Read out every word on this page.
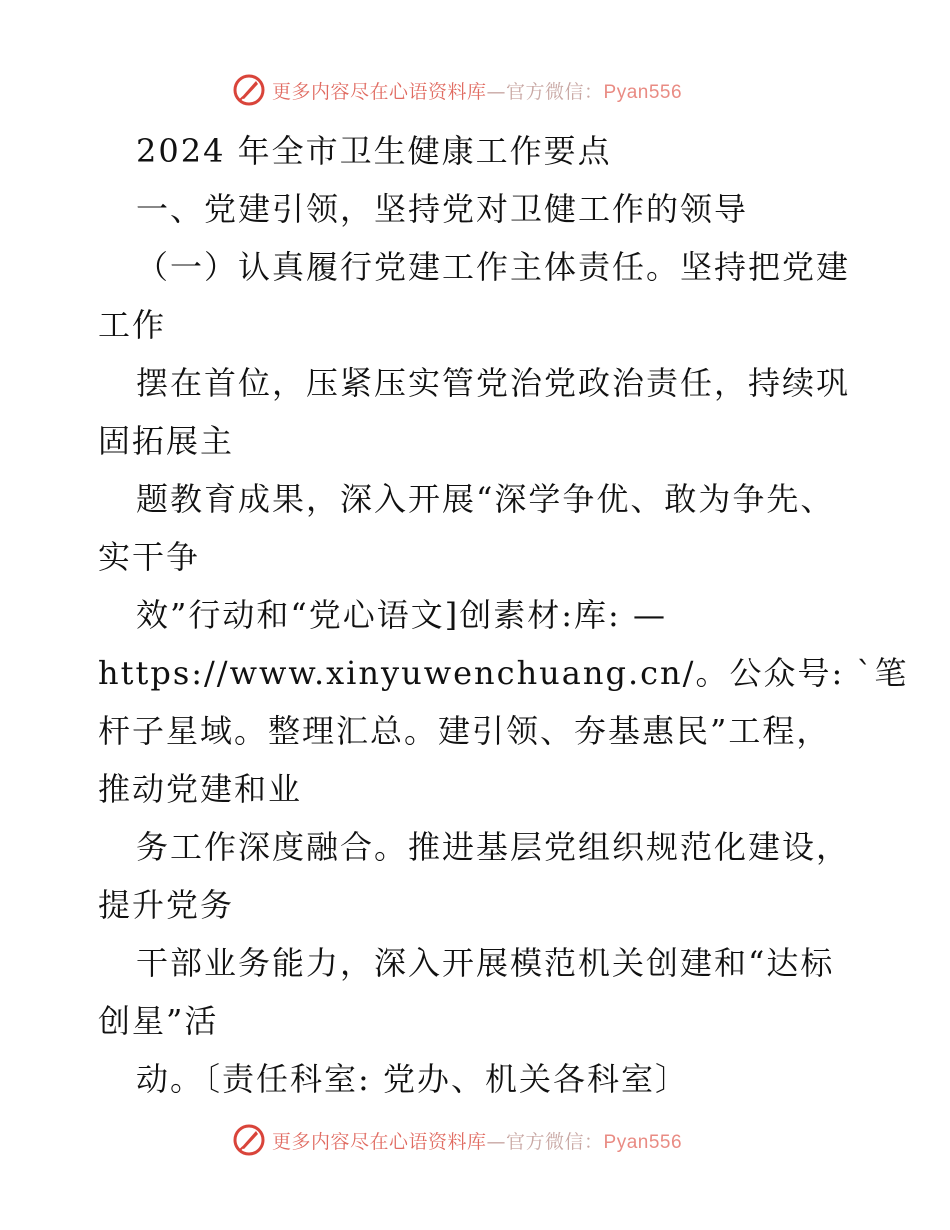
更多内容尽在心语资料库—官方微信：Pyan556
2024 年全市卫生健康工作要点
一、党建引领，坚持党对卫健工作的领导
（一）认真履行党建工作主体责任。坚持把党建
工作
摆在首位，压紧压实管党治党政治责任，持续巩
固拓展主
题教育成果，深入开展“深学争优、敢为争先、
实干争
效”行动和“党心语文]创素材:库: —
https://www.xinyuwenchuang.cn/。公众号: `笔
杆子星域。整理汇总。建引领、夯基惠民”工程，
推动党建和业
务工作深度融合。推进基层党组织规范化建设，
提升党务
干部业务能力，深入开展模范机关创建和“达标
创星”活
动。〔责任科室: 党办、机关各科室〕
更多内容尽在心语资料库—官方微信：Pyan556
